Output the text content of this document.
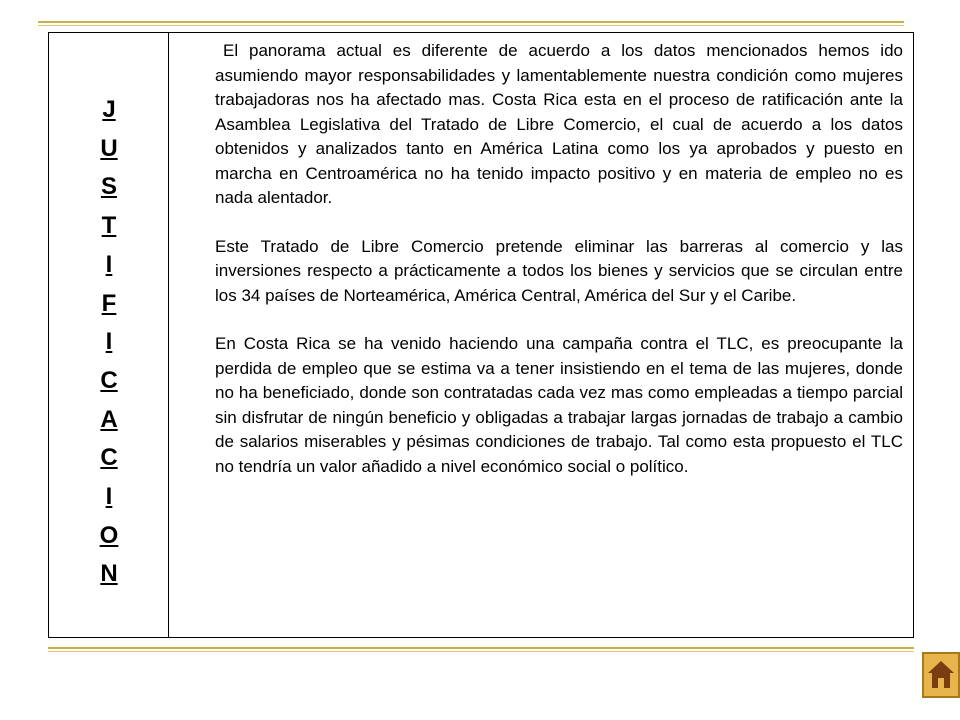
J
U
S
T
I
F
I
C
A
C
I
O
N

El panorama actual es diferente de acuerdo a los datos mencionados hemos ido asumiendo mayor responsabilidades y lamentablemente nuestra condición como mujeres trabajadoras nos ha afectado mas. Costa Rica esta en el proceso de ratificación ante la Asamblea Legislativa del Tratado de Libre Comercio, el cual de acuerdo a los datos obtenidos y analizados tanto en América Latina como los ya aprobados y puesto en marcha en Centroamérica no ha tenido impacto positivo y en materia de empleo no es nada alentador.

Este Tratado de Libre Comercio pretende eliminar las barreras al comercio y las inversiones respecto a prácticamente a todos los bienes y servicios que se circulan entre los 34 países de Norteamérica, América Central, América del Sur y el Caribe.

En Costa Rica se ha venido haciendo una campaña contra el TLC, es preocupante la perdida de empleo que se estima va a tener insistiendo en el tema de las mujeres, donde no ha beneficiado, donde son contratadas cada vez mas como empleadas a tiempo parcial sin disfrutar de ningún beneficio y obligadas a trabajar largas jornadas de trabajo a cambio de salarios miserables y pésimas condiciones de trabajo. Tal como esta propuesto el TLC no tendría un valor añadido a nivel económico social o político.
